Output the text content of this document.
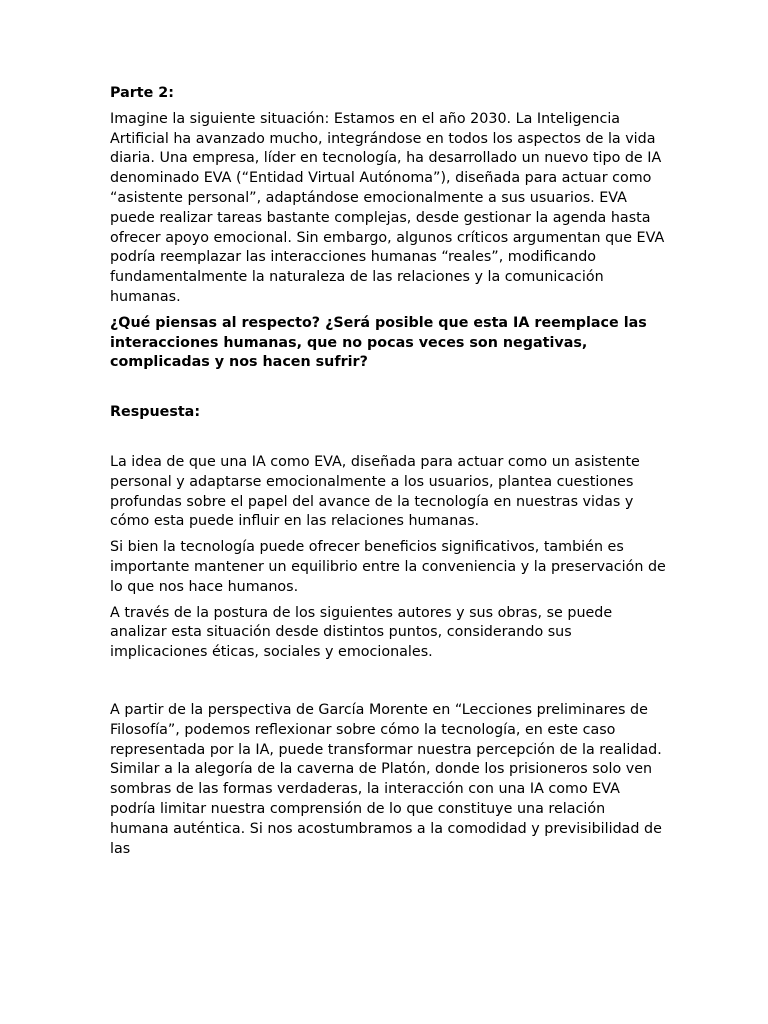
Parte 2:

Imagine la siguiente situación: Estamos en el año 2030. La Inteligencia Artificial ha avanzado mucho, integrándose en todos los aspectos de la vida diaria. Una empresa, líder en tecnología, ha desarrollado un nuevo tipo de IA denominado EVA (“Entidad Virtual Autónoma”), diseñada para actuar como “asistente personal”, adaptándose emocionalmente a sus usuarios. EVA puede realizar tareas bastante complejas, desde gestionar la agenda hasta ofrecer apoyo emocional. Sin embargo, algunos críticos argumentan que EVA podría reemplazar las interacciones humanas “reales”, modificando fundamentalmente la naturaleza de las relaciones y la comunicación humanas.

¿Qué piensas al respecto? ¿Será posible que esta IA reemplace las interacciones humanas, que no pocas veces son negativas, complicadas y nos hacen sufrir?

Respuesta:

La idea de que una IA como EVA, diseñada para actuar como un asistente personal y adaptarse emocionalmente a los usuarios, plantea cuestiones profundas sobre el papel del avance de la tecnología en nuestras vidas y cómo esta puede influir en las relaciones humanas.

Si bien la tecnología puede ofrecer beneficios significativos, también es importante mantener un equilibrio entre la conveniencia y la preservación de lo que nos hace humanos.

A través de la postura de los siguientes autores y sus obras, se puede analizar esta situación desde distintos puntos, considerando sus implicaciones éticas, sociales y emocionales.

A partir de la perspectiva de García Morente en “Lecciones preliminares de Filosofía”, podemos reflexionar sobre cómo la tecnología, en este caso representada por la IA, puede transformar nuestra percepción de la realidad. Similar a la alegoría de la caverna de Platón, donde los prisioneros solo ven sombras de las formas verdaderas, la interacción con una IA como EVA podría limitar nuestra comprensión de lo que constituye una relación humana auténtica. Si nos acostumbramos a la comodidad y previsibilidad de las
